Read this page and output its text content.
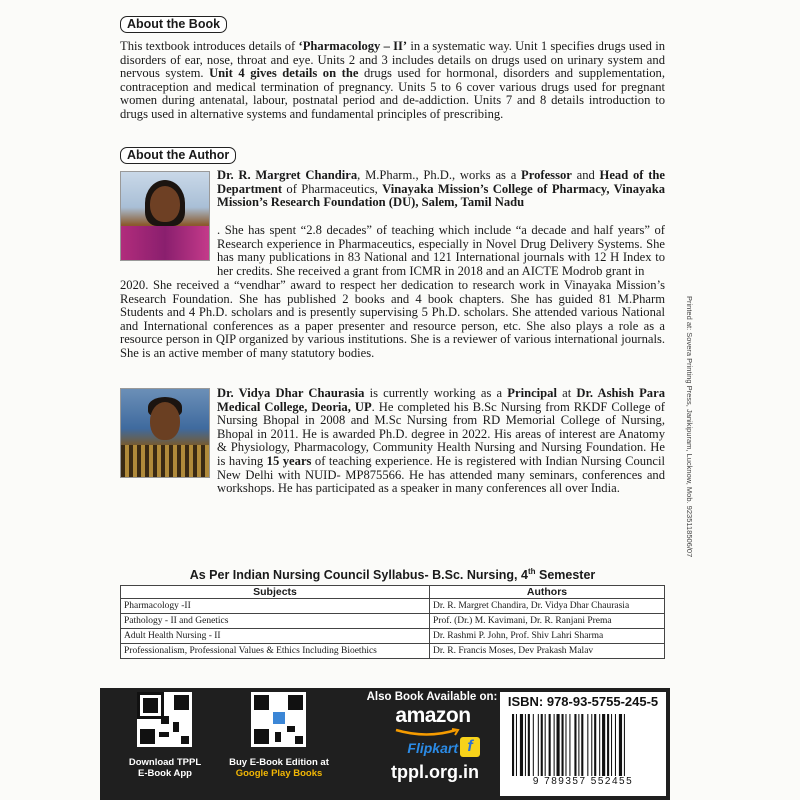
About the Book
This textbook introduces details of ‘Pharmacology – II’ in a systematic way. Unit 1 specifies drugs used in disorders of ear, nose, throat and eye. Units 2 and 3 includes details on drugs used on urinary system and nervous system. Unit 4 gives details on the drugs used for hormonal, disorders and supplementation, contraception and medical termination of pregnancy. Units 5 to 6 cover various drugs used for pregnant women during antenatal, labour, postnatal period and de-addiction. Units 7 and 8 details introduction to drugs used in alternative systems and fundamental principles of prescribing.
About the Author
Dr. R. Margret Chandira, M.Pharm., Ph.D., works as a Professor and Head of the Department of Pharmaceutics, Vinayaka Mission’s College of Pharmacy, Vinayaka Mission’s Research Foundation (DU), Salem, Tamil Nadu
. She has spent “2.8 decades” of teaching which include “a decade and half years” of Research experience in Pharmaceutics, especially in Novel Drug Delivery Systems. She has many publications in 83 National and 121 International journals with 12 H Index to her credits. She received a grant from ICMR in 2018 and an AICTE Modrob grant in
Dr. Vidya Dhar Chaurasia is currently working as a Principal at Dr. Ashish Para Medical College, Deoria, UP. He completed his B.Sc Nursing from RKDF College of Nursing Bhopal in 2008 and M.Sc Nursing from RD Memorial College of Nursing, Bhopal in 2011. He is awarded Ph.D. degree in 2022. His areas of interest are Anatomy & Physiology, Pharmacology, Community Health Nursing and Nursing Foundation. He is having 15 years of teaching experience. He is registered with Indian Nursing Council New Delhi with NUID- MP875566. He has attended many seminars, conferences and workshops. He has participated as a speaker in many conferences all over India.	Printed at: Sovera Printing Press, Janikipuram, Lucknow, Mob. 9235118506/07
As Per Indian Nursing Council Syllabus- B.Sc. Nursing, 4th Semester
Subjects	Authors
Pharmacology -II	Dr. R. Margret Chandira, Dr. Vidya Dhar Chaurasia
Pathology - II and Genetics	Prof. (Dr.) M. Kavimani, Dr. R. Ranjani Prema
Adult Health Nursing - II	Dr. Rashmi P. John, Prof. Shiv Lahri Sharma
Professionalism, Professional Values & Ethics Including Bioethics	Dr. R. Francis Moses, Dev Prakash Malav
Download TPPL
E-Book App
Buy E-Book Edition at
Google Play Books
Also Book Available on:
amazon
Flipkart f
tppl.org.in
ISBN: 978-93-5755-245-5
9 789357 552455
2020. She received a “vendhar” award to respect her dedication to research work in Vinayaka Mission’s Research Foundation. She has published 2 books and 4 book chapters. She has guided 81 M.Pharm Students and 4 Ph.D. scholars and is presently supervising 5 Ph.D. scholars. She attended various National and International conferences as a paper presenter and resource person, etc. She also plays a role as a resource person in QIP organized by various institutions. She is a reviewer of various international journals. She is an active member of many statutory bodies.
